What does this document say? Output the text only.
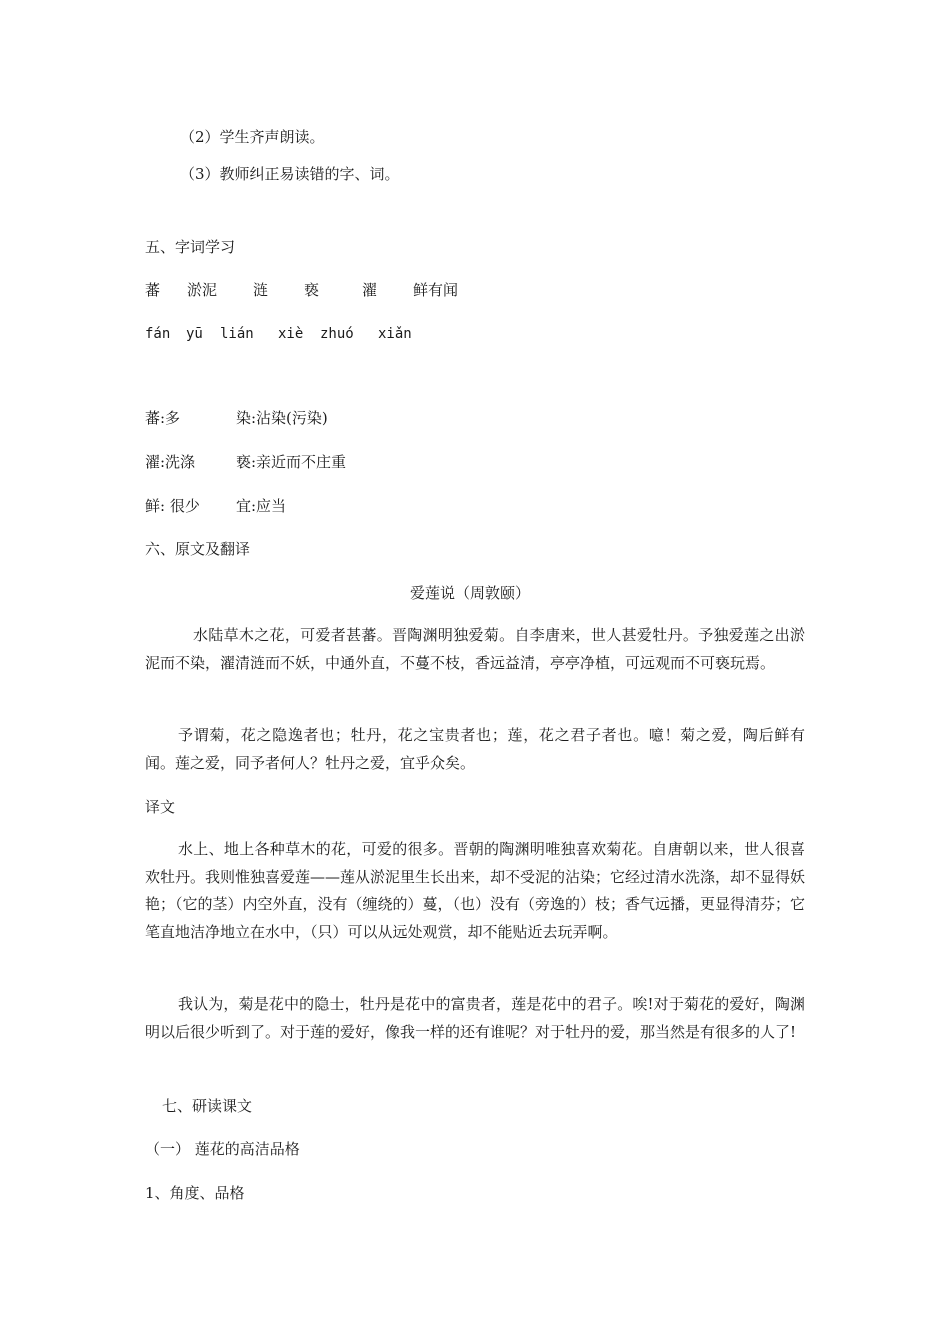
（2）学生齐声朗读。
（3）教师纠正易读错的字、词。
五、字词学习
蕃 淤泥 涟 亵	濯 鲜有闻
fán yū lián xiè zhuó xiǎn
蕃:多	染:沾染(污染)
濯:洗涤	亵:亲近而不庄重
鲜: 很少 宜:应当
六、原文及翻译
爱莲说（周敦颐）
水陆草木之花，可爱者甚蕃。晋陶渊明独爱菊。自李唐来，世人甚爱牡丹。予独爱莲之出淤泥而不染，濯清涟而不妖，中通外直，不蔓不枝，香远益清，亭亭净植，可远观而不可亵玩焉。
予谓菊，花之隐逸者也；牡丹，花之宝贵者也；莲，花之君子者也。噫！菊之爱，陶后鲜有闻。莲之爱，同予者何人？牡丹之爱，宜乎众矣。
译文
水上、地上各种草木的花，可爱的很多。晋朝的陶渊明唯独喜欢菊花。自唐朝以来，世人很喜欢牡丹。我则惟独喜爱莲——莲从淤泥里生长出来，却不受泥的沾染；它经过清水洗涤，却不显得妖艳；（它的茎）内空外直，没有（缠绕的）蔓，（也）没有（旁逸的）枝；香气远播，更显得清芬；它笔直地洁净地立在水中，（只）可以从远处观赏，却不能贴近去玩弄啊。
我认为，菊是花中的隐士，牡丹是花中的富贵者，莲是花中的君子。唉!对于菊花的爱好，陶渊明以后很少听到了。对于莲的爱好，像我一样的还有谁呢？对于牡丹的爱，那当然是有很多的人了!
七、研读课文
（一） 莲花的高洁品格
1、角度、品格
